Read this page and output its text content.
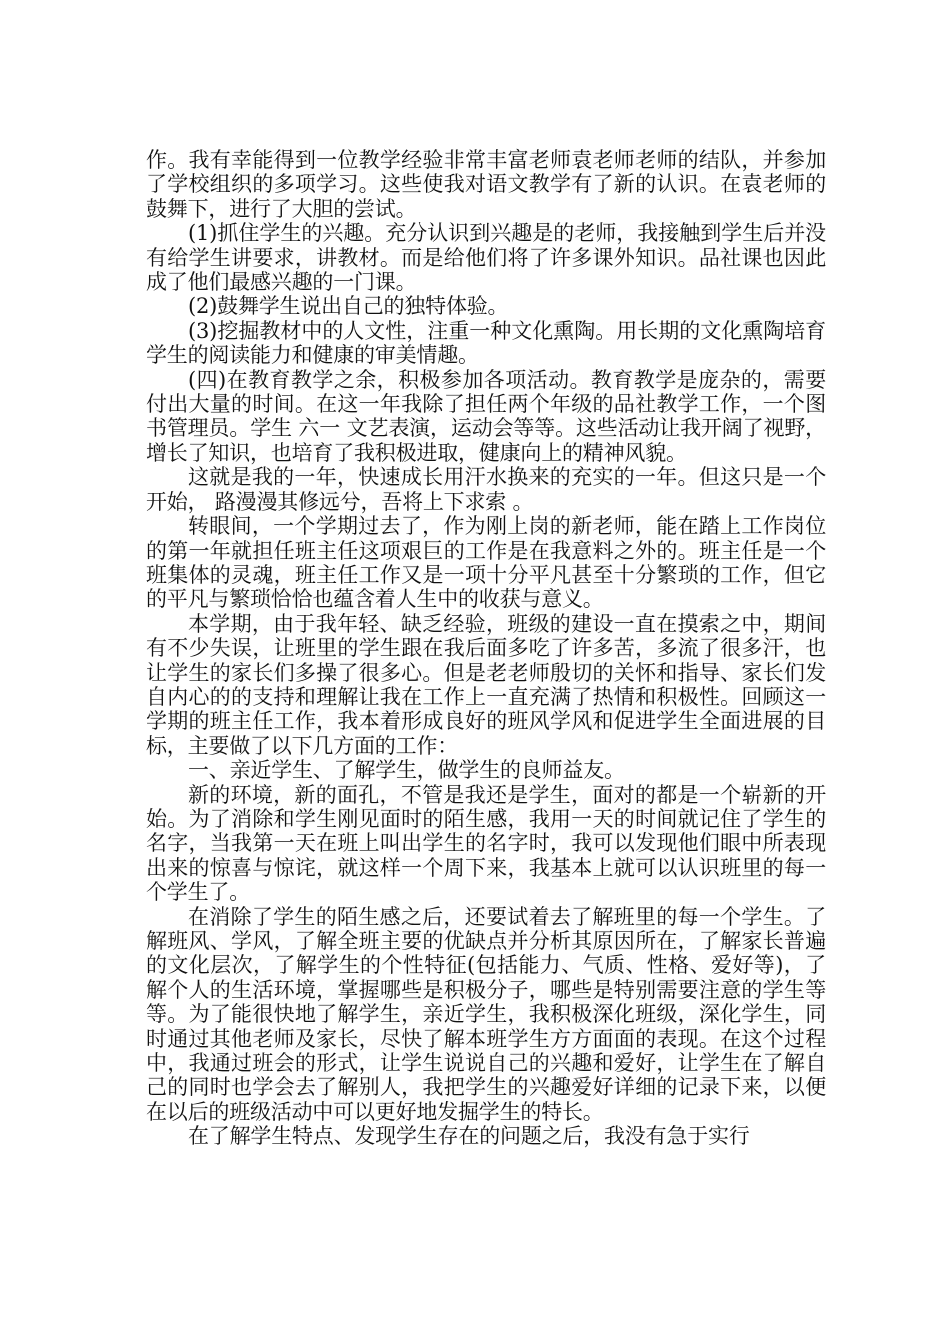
作。我有幸能得到一位教学经验非常丰富老师袁老师老师的结队，并参加了学校组织的多项学习。这些使我对语文教学有了新的认识。在袁老师的鼓舞下，进行了大胆的尝试。

(1)抓住学生的兴趣。充分认识到兴趣是的老师，我接触到学生后并没有给学生讲要求，讲教材。而是给他们将了许多课外知识。品社课也因此成了他们最感兴趣的一门课。

(2)鼓舞学生说出自己的独特体验。

(3)挖掘教材中的人文性，注重一种文化熏陶。用长期的文化熏陶培育学生的阅读能力和健康的审美情趣。

(四)在教育教学之余，积极参加各项活动。教育教学是庞杂的，需要付出大量的时间。在这一年我除了担任两个年级的品社教学工作，一个图书管理员。学生 六一 文艺表演，运动会等等。这些活动让我开阔了视野，增长了知识，也培育了我积极进取，健康向上的精神风貌。

这就是我的一年，快速成长用汗水换来的充实的一年。但这只是一个开始， 路漫漫其修远兮，吾将上下求索 。

转眼间，一个学期过去了，作为刚上岗的新老师，能在踏上工作岗位的第一年就担任班主任这项艰巨的工作是在我意料之外的。班主任是一个班集体的灵魂，班主任工作又是一项十分平凡甚至十分繁琐的工作，但它的平凡与繁琐恰恰也蕴含着人生中的收获与意义。

本学期，由于我年轻、缺乏经验，班级的建设一直在摸索之中，期间有不少失误，让班里的学生跟在我后面多吃了许多苦，多流了很多汗，也让学生的家长们多操了很多心。但是老老师殷切的关怀和指导、家长们发自内心的的支持和理解让我在工作上一直充满了热情和积极性。回顾这一学期的班主任工作，我本着形成良好的班风学风和促进学生全面进展的目标，主要做了以下几方面的工作：

一、亲近学生、了解学生，做学生的良师益友。

新的环境，新的面孔，不管是我还是学生，面对的都是一个崭新的开始。为了消除和学生刚见面时的陌生感，我用一天的时间就记住了学生的名字，当我第一天在班上叫出学生的名字时，我可以发现他们眼中所表现出来的惊喜与惊诧，就这样一个周下来，我基本上就可以认识班里的每一个学生了。

在消除了学生的陌生感之后，还要试着去了解班里的每一个学生。了解班风、学风，了解全班主要的优缺点并分析其原因所在，了解家长普遍的文化层次，了解学生的个性特征(包括能力、气质、性格、爱好等)，了解个人的生活环境，掌握哪些是积极分子，哪些是特别需要注意的学生等等。为了能很快地了解学生，亲近学生，我积极深化班级，深化学生，同时通过其他老师及家长，尽快了解本班学生方方面面的表现。在这个过程中，我通过班会的形式，让学生说说自己的兴趣和爱好，让学生在了解自己的同时也学会去了解别人，我把学生的兴趣爱好详细的记录下来，以便在以后的班级活动中可以更好地发掘学生的特长。

在了解学生特点、发现学生存在的问题之后，我没有急于实行
